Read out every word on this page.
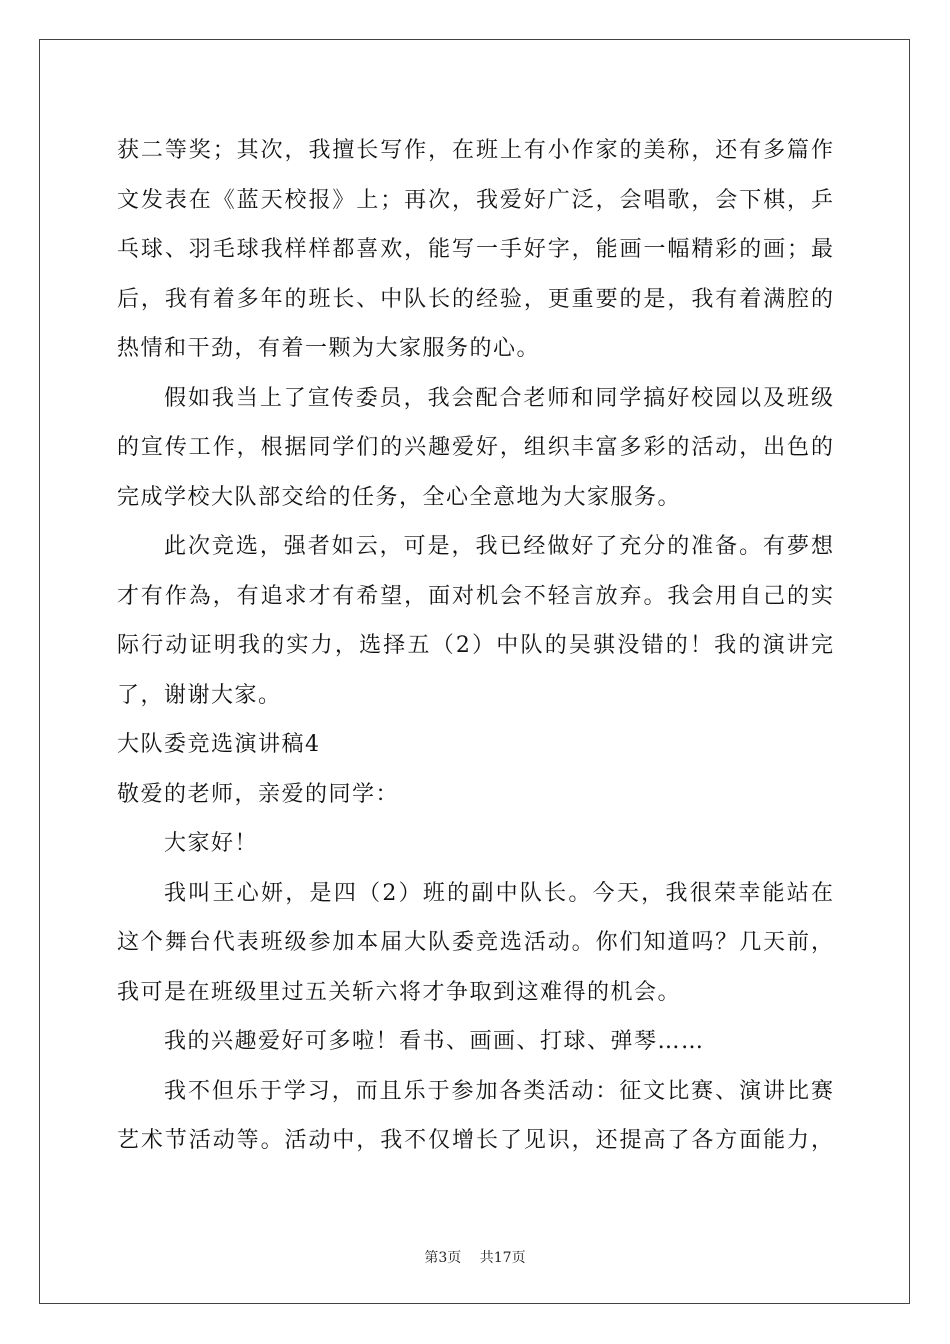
获二等奖；其次，我擅长写作，在班上有小作家的美称，还有多篇作
文发表在《蓝天校报》上；再次，我爱好广泛，会唱歌，会下棋，乒
乓球、羽毛球我样样都喜欢，能写一手好字，能画一幅精彩的画；最
后，我有着多年的班长、中队长的经验，更重要的是，我有着满腔的
热情和干劲，有着一颗为大家服务的心。
假如我当上了宣传委员，我会配合老师和同学搞好校园以及班级
的宣传工作，根据同学们的兴趣爱好，组织丰富多彩的活动，出色的
完成学校大队部交给的任务，全心全意地为大家服务。
此次竞选，强者如云，可是，我已经做好了充分的准备。有夢想
才有作為，有追求才有希望，面对机会不轻言放弃。我会用自己的实
际行动证明我的实力，选择五（2）中队的吴骐没错的！我的演讲完
了，谢谢大家。
大队委竞选演讲稿4
敬爱的老师，亲爱的同学：
大家好！
我叫王心妍，是四（2）班的副中队长。今天，我很荣幸能站在
这个舞台代表班级参加本届大队委竞选活动。你们知道吗？几天前，
我可是在班级里过五关斩六将才争取到这难得的机会。
我的兴趣爱好可多啦！看书、画画、打球、弹琴……
我不但乐于学习，而且乐于参加各类活动：征文比赛、演讲比赛
艺术节活动等。活动中，我不仅增长了见识，还提高了各方面能力，
第3页 共17页
